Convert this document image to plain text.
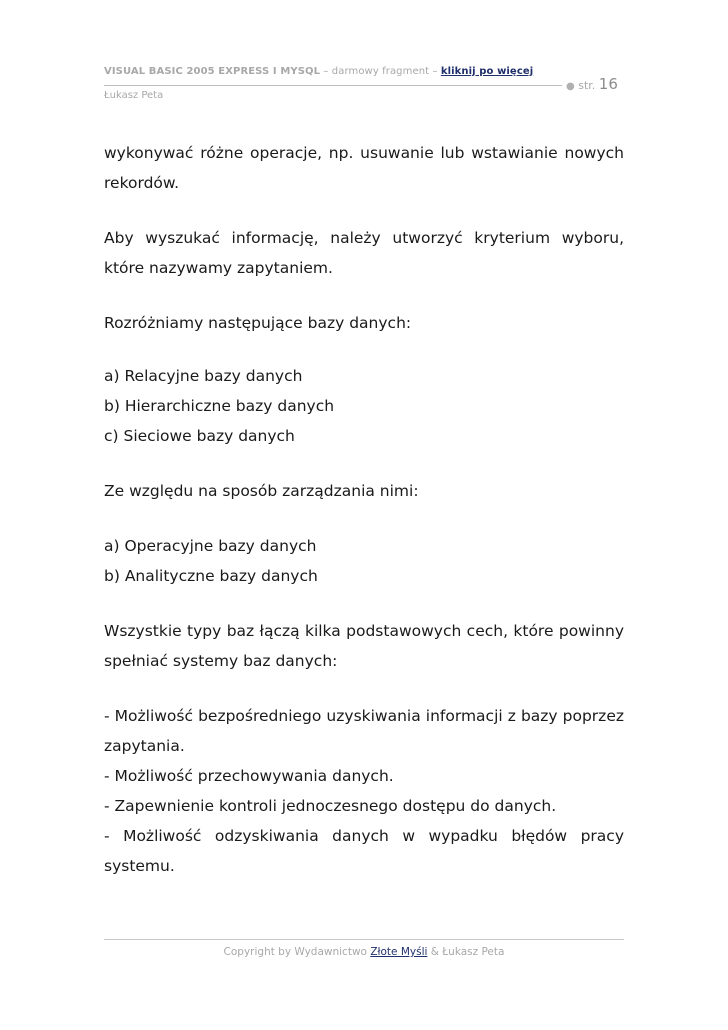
VISUAL BASIC 2005 EXPRESS I MYSQL – darmowy fragment – kliknij po więcej
● str. 16
Łukasz Peta

wykonywać różne operacje, np. usuwanie lub wstawianie nowych rekordów.

Aby wyszukać informację, należy utworzyć kryterium wyboru, które nazywamy zapytaniem.

Rozróżniamy następujące bazy danych:

a) Relacyjne bazy danych

b) Hierarchiczne bazy danych

c) Sieciowe bazy danych

Ze względu na sposób zarządzania nimi:

a) Operacyjne bazy danych

b) Analityczne bazy danych

Wszystkie typy baz łączą kilka podstawowych cech, które powinny spełniać systemy baz danych:

- Możliwość bezpośredniego uzyskiwania informacji z bazy poprzez zapytania.

- Możliwość przechowywania danych.

- Zapewnienie kontroli jednoczesnego dostępu do danych.

- Możliwość odzyskiwania danych w wypadku błędów pracy systemu.

Copyright by Wydawnictwo Złote Myśli & Łukasz Peta
